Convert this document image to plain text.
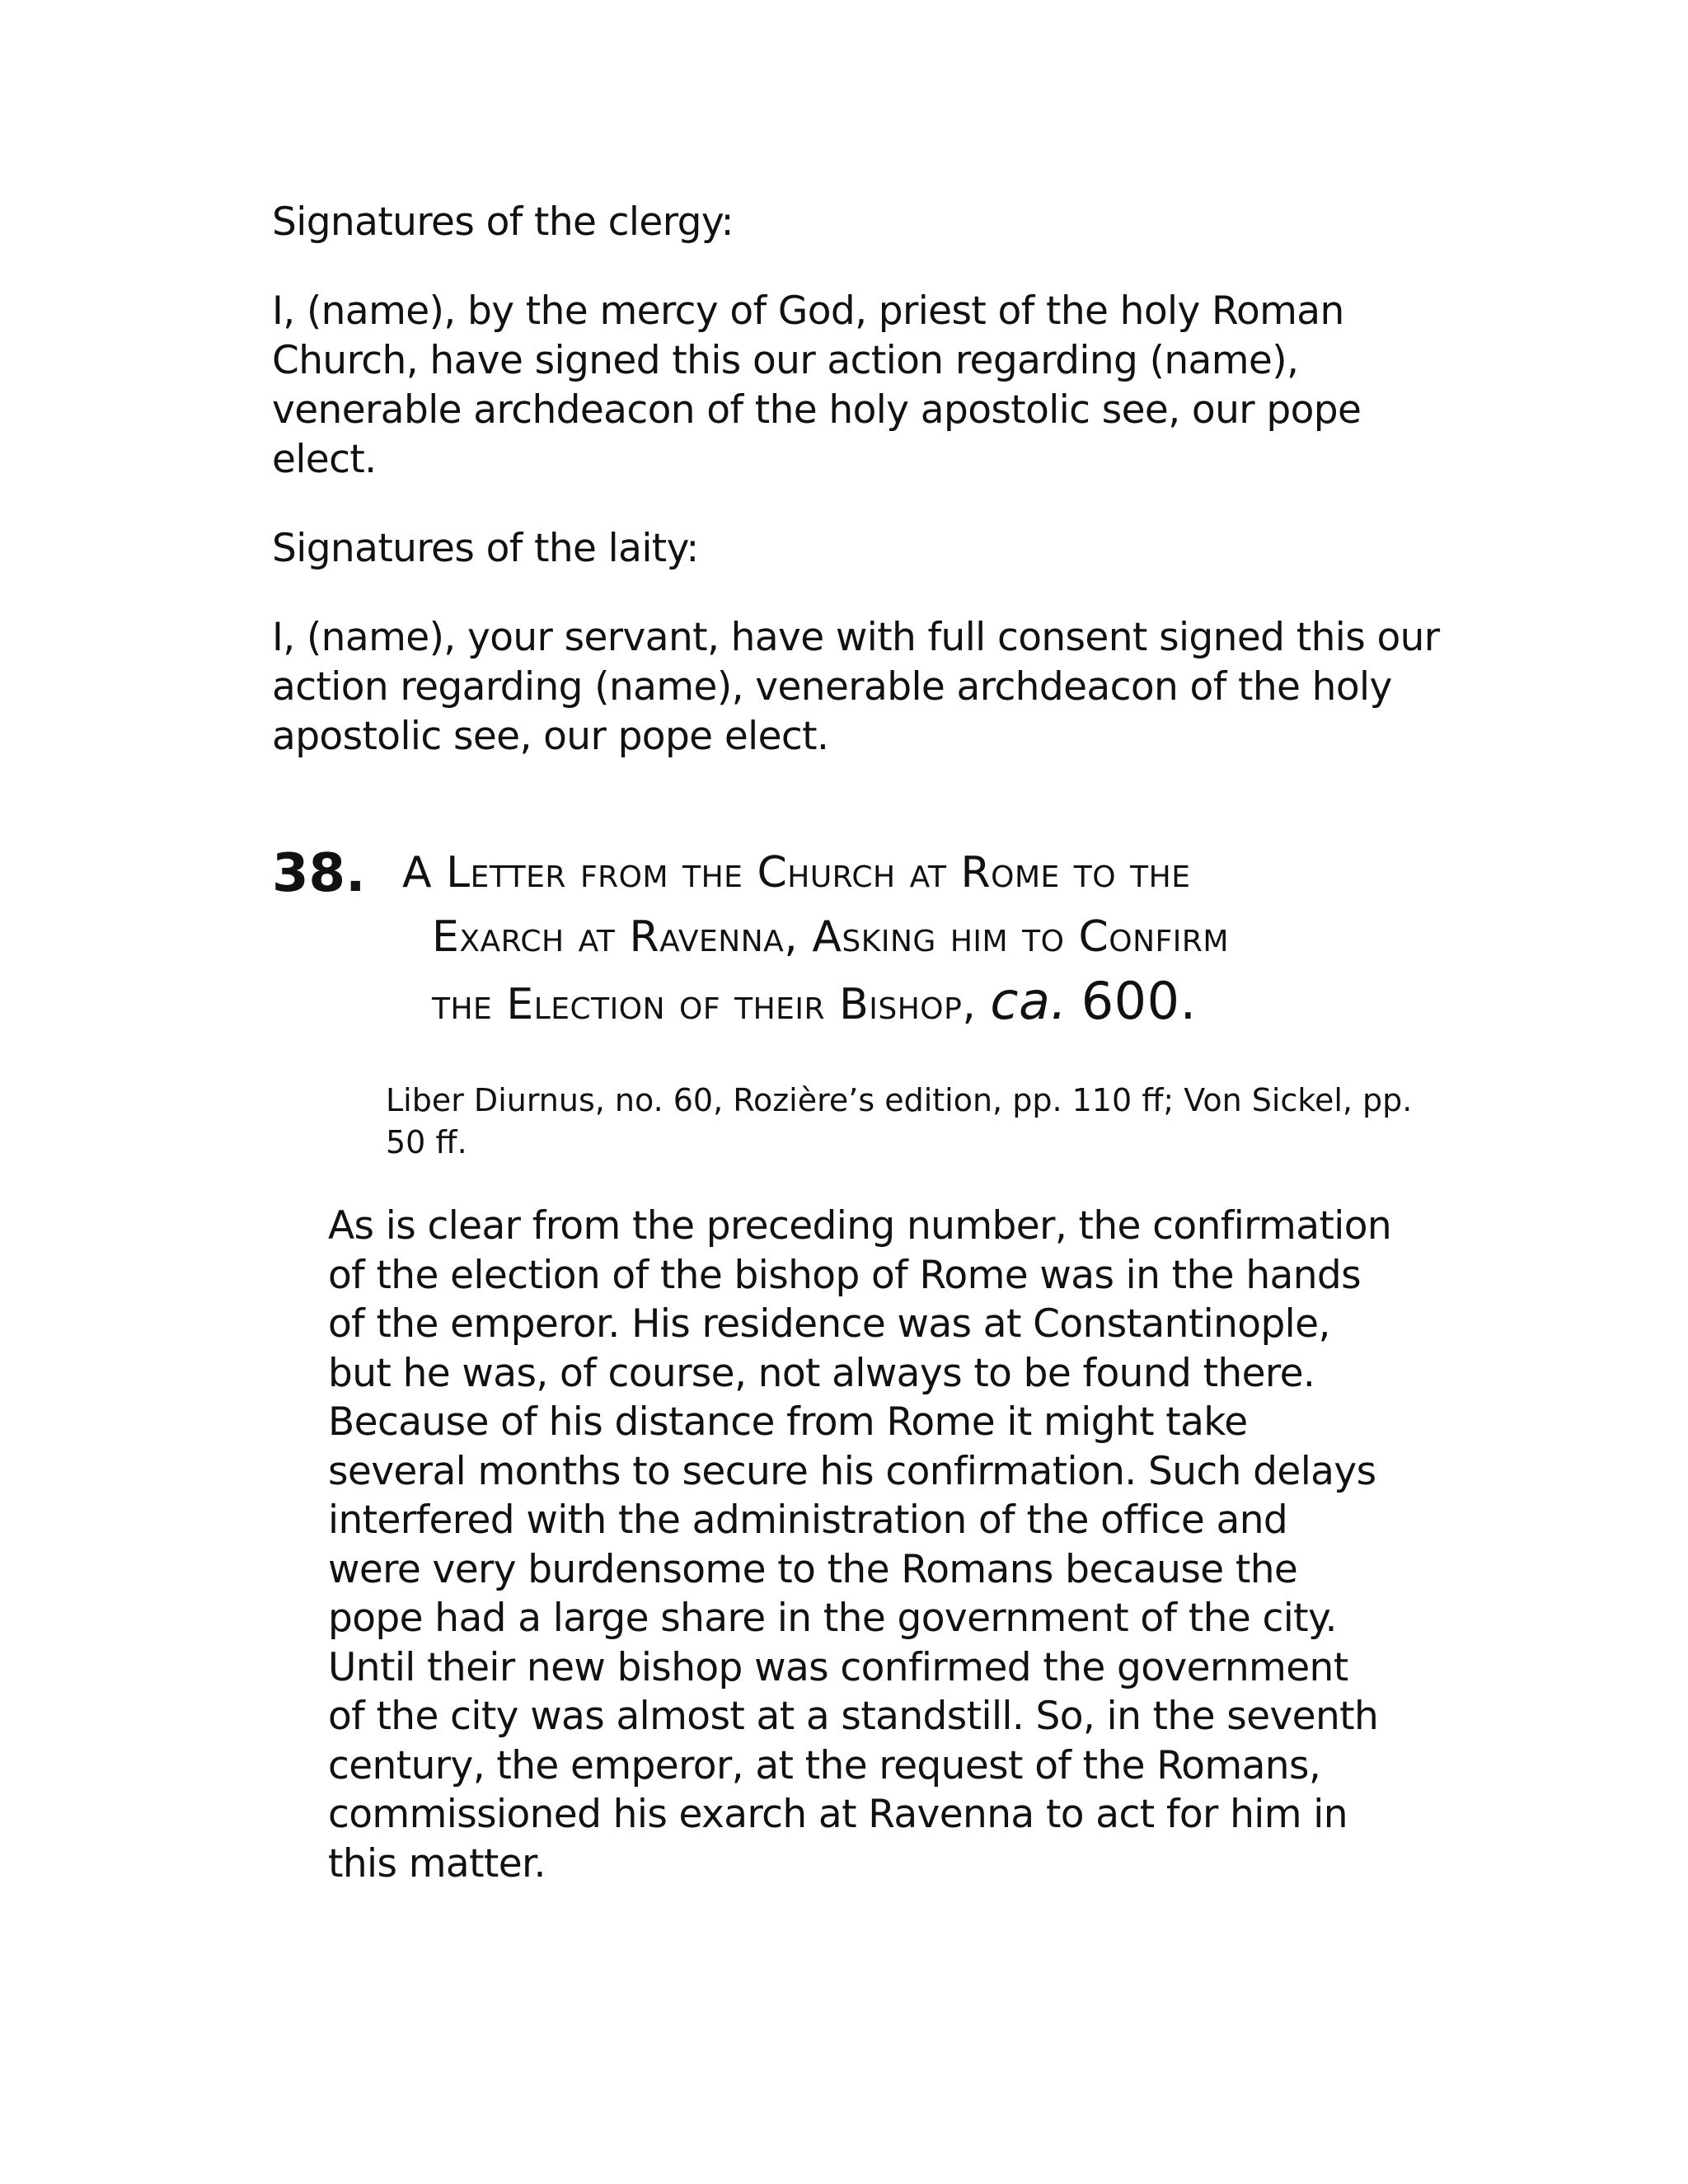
Signatures of the clergy:

I, (name), by the mercy of God, priest of the holy Roman
Church, have signed this our action regarding (name),
venerable archdeacon of the holy apostolic see, our pope
elect.

Signatures of the laity:

I, (name), your servant, have with full consent signed this our
action regarding (name), venerable archdeacon of the holy
apostolic see, our pope elect.

38. A Letter from the Church at Rome to the
Exarch at Ravenna, Asking him to Confirm
the Election of their Bishop, ca. 600.

Liber Diurnus, no. 60, Rozière’s edition, pp. 110 ff; Von Sickel, pp.
50 ff.

As is clear from the preceding number, the confirmation
of the election of the bishop of Rome was in the hands
of the emperor. His residence was at Constantinople,
but he was, of course, not always to be found there.
Because of his distance from Rome it might take
several months to secure his confirmation. Such delays
interfered with the administration of the office and
were very burdensome to the Romans because the
pope had a large share in the government of the city.
Until their new bishop was confirmed the government
of the city was almost at a standstill. So, in the seventh
century, the emperor, at the request of the Romans,
commissioned his exarch at Ravenna to act for him in
this matter.
